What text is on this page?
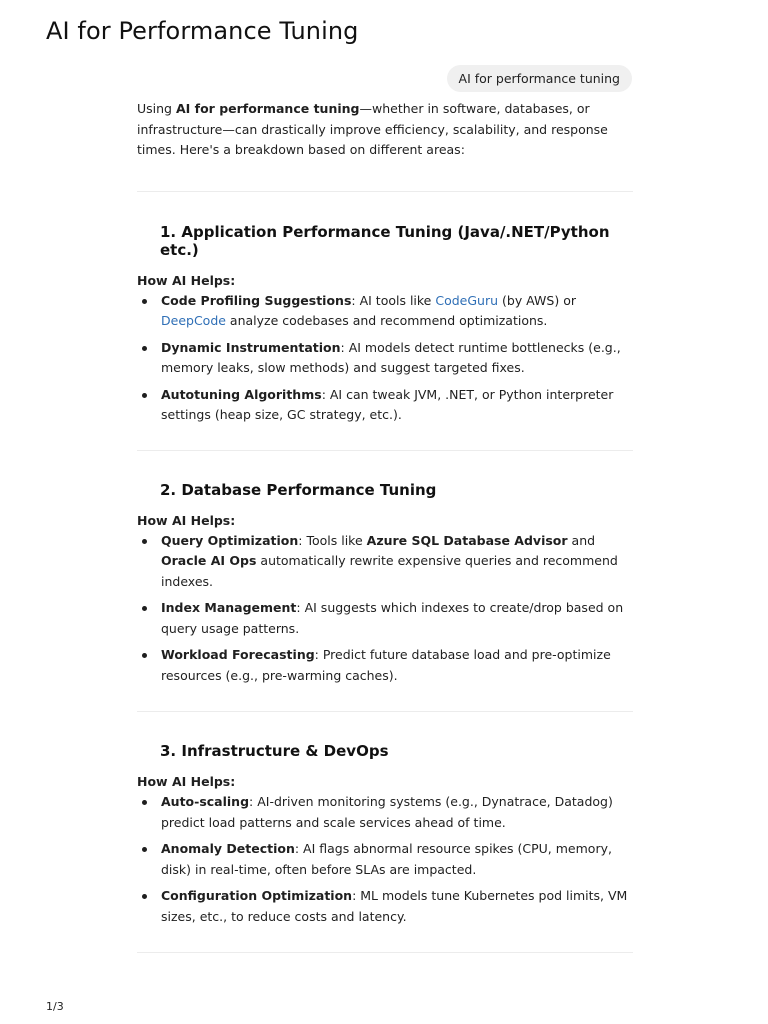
AI for Performance Tuning
AI for performance tuning

Using AI for performance tuning—whether in software, databases, or infrastructure—can drastically improve efficiency, scalability, and response times. Here's a breakdown based on different areas:

1. Application Performance Tuning (Java/.NET/Python etc.)

How AI Helps:

Code Profiling Suggestions: AI tools like CodeGuru (by AWS) or DeepCode analyze codebases and recommend optimizations.
Dynamic Instrumentation: AI models detect runtime bottlenecks (e.g., memory leaks, slow methods) and suggest targeted fixes.
Autotuning Algorithms: AI can tweak JVM, .NET, or Python interpreter settings (heap size, GC strategy, etc.).
2. Database Performance Tuning

How AI Helps:

Query Optimization: Tools like Azure SQL Database Advisor and Oracle AI Ops automatically rewrite expensive queries and recommend indexes.
Index Management: AI suggests which indexes to create/drop based on query usage patterns.
Workload Forecasting: Predict future database load and pre-optimize resources (e.g., pre-warming caches).
3. Infrastructure & DevOps

How AI Helps:

Auto-scaling: AI-driven monitoring systems (e.g., Dynatrace, Datadog) predict load patterns and scale services ahead of time.
Anomaly Detection: AI flags abnormal resource spikes (CPU, memory, disk) in real-time, often before SLAs are impacted.
Configuration Optimization: ML models tune Kubernetes pod limits, VM sizes, etc., to reduce costs and latency.
1/3
